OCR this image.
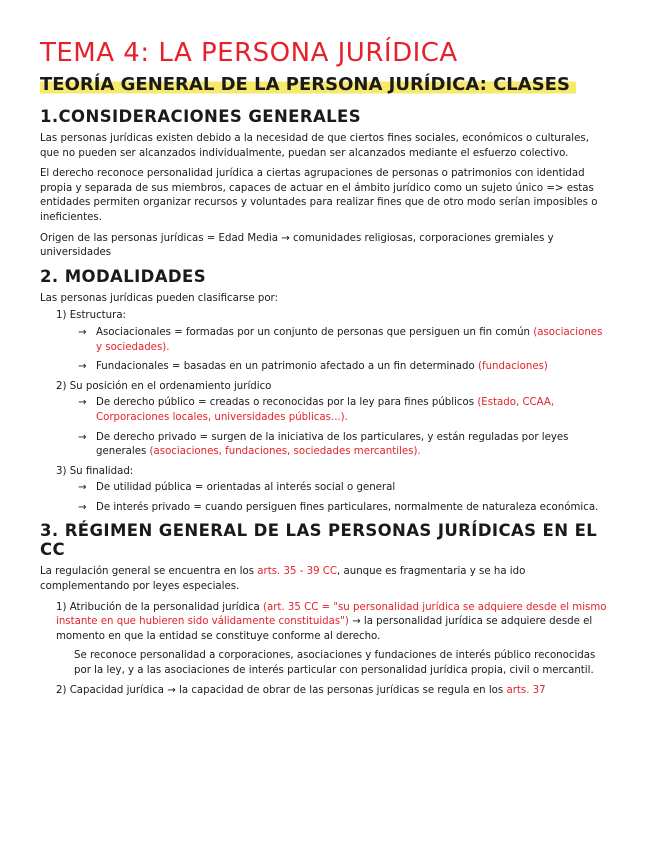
TEMA 4: LA PERSONA JURÍDICA
TEORÍA GENERAL DE LA PERSONA JURÍDICA: CLASES
1.CONSIDERACIONES GENERALES

Las personas jurídicas existen debido a la necesidad de que ciertos fines sociales, económicos o culturales, que no pueden ser alcanzados individualmente, puedan ser alcanzados mediante el esfuerzo colectivo.

El derecho reconoce personalidad jurídica a ciertas agrupaciones de personas o patrimonios con identidad propia y separada de sus miembros, capaces de actuar en el ámbito jurídico como un sujeto único => estas entidades permiten organizar recursos y voluntades para realizar fines que de otro modo serían imposibles o ineficientes.

Origen de las personas jurídicas = Edad Media → comunidades religiosas, corporaciones gremiales y universidades

2. MODALIDADES

Las personas jurídicas pueden clasificarse por:

1) Estructura:
→ Asociacionales = formadas por un conjunto de personas que persiguen un fin común (asociaciones y sociedades).
→ Fundacionales = basadas en un patrimonio afectado a un fin determinado (fundaciones)
2) Su posición en el ordenamiento jurídico
→ De derecho público = creadas o reconocidas por la ley para fines públicos (Estado, CCAA, Corporaciones locales, universidades públicas...).
→ De derecho privado = surgen de la iniciativa de los particulares, y están reguladas por leyes generales (asociaciones, fundaciones, sociedades mercantiles).
3) Su finalidad:
→ De utilidad pública = orientadas al interés social o general
→ De interés privado = cuando persiguen fines particulares, normalmente de naturaleza económica.
3. RÉGIMEN GENERAL DE LAS PERSONAS JURÍDICAS EN EL CC

La regulación general se encuentra en los arts. 35 - 39 CC, aunque es fragmentaria y se ha ido complementando por leyes especiales.

1) Atribución de la personalidad jurídica (art. 35 CC = "su personalidad jurídica se adquiere desde el mismo instante en que hubieren sido válidamente constituidas") → la personalidad jurídica se adquiere desde el momento en que la entidad se constituye conforme al derecho.
Se reconoce personalidad a corporaciones, asociaciones y fundaciones de interés público reconocidas por la ley, y a las asociaciones de interés particular con personalidad jurídica propia, civil o mercantil.
2) Capacidad jurídica → la capacidad de obrar de las personas jurídicas se regula en los arts. 37
